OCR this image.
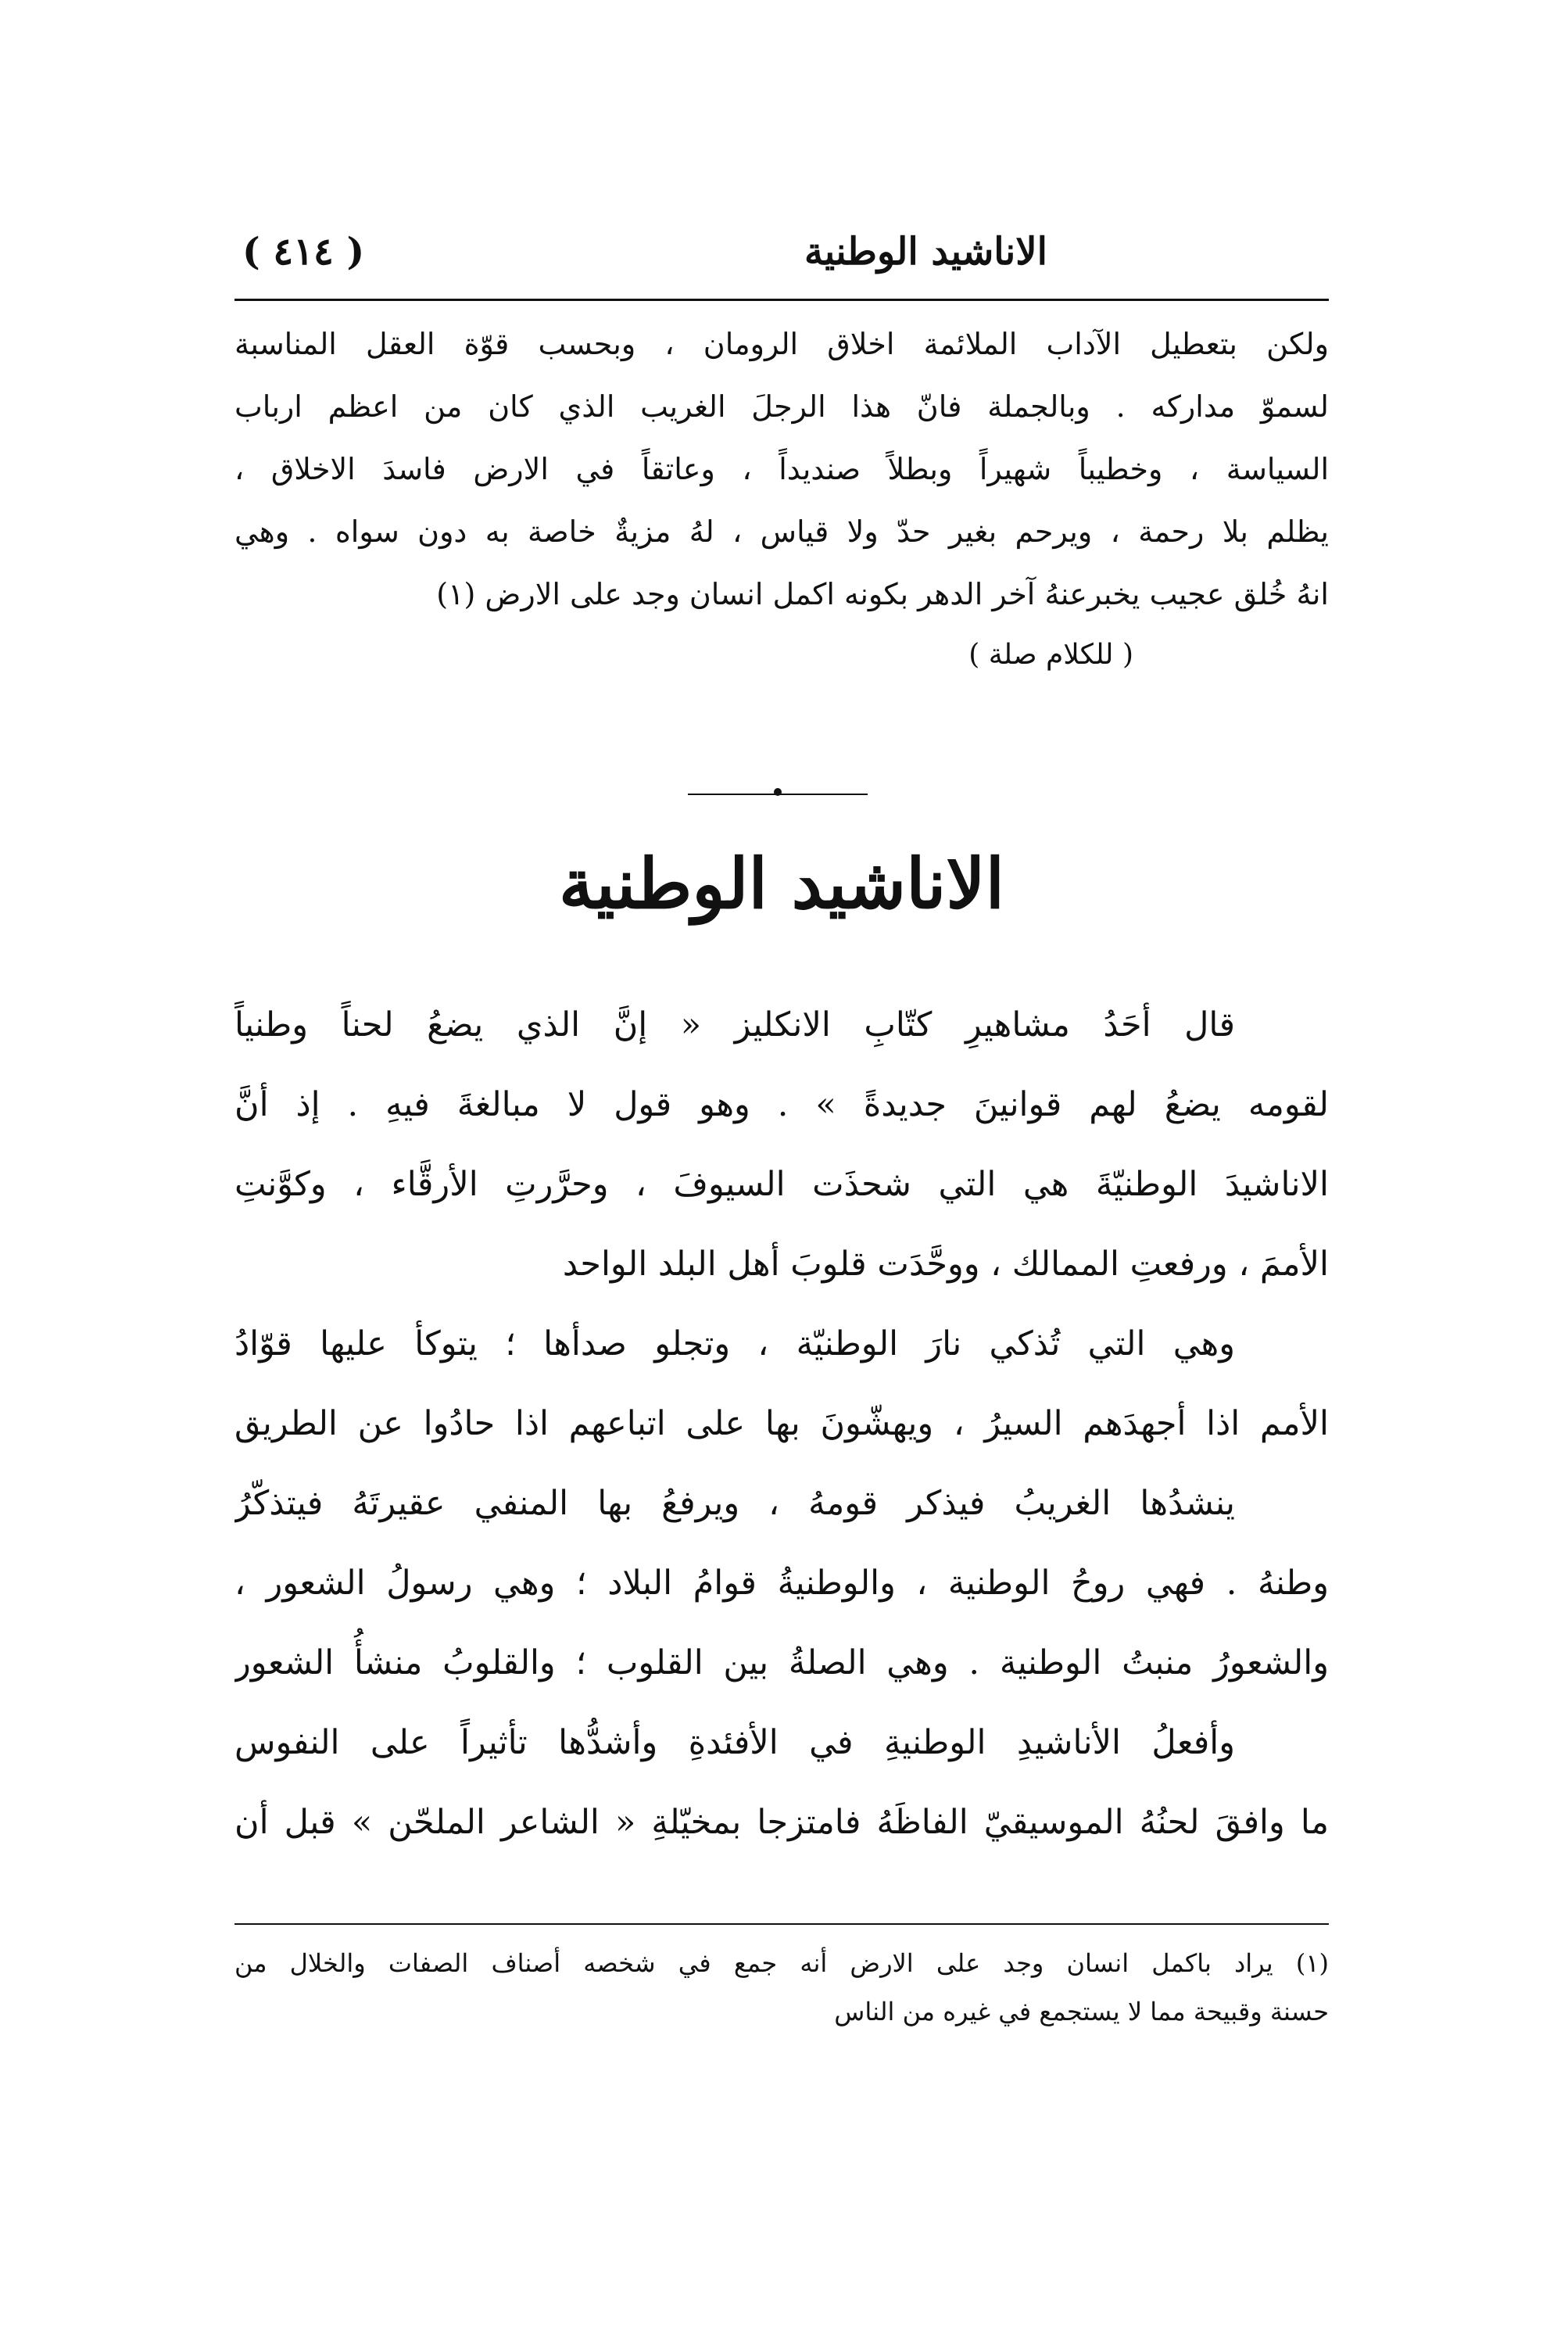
الاناشيد الوطنية
( ٤١٤ )
ولكن بتعطيل الآداب الملائمة اخلاق الرومان ، وبحسب قوّة العقل المناسبة
لسموّ مداركه . وبالجملة فانّ هذا الرجلَ الغريب الذي كان من اعظم ارباب
السياسة ، وخطيباً شهيراً وبطلاً صنديداً ، وعاتقاً في الارض فاسدَ الاخلاق ،
يظلم بلا رحمة ، ويرحم بغير حدّ ولا قياس ، لهُ مزيةٌ خاصة به دون سواه . وهي
انهُ خُلق عجيب يخبرعنهُ آخر الدهر بكونه اكمل انسان وجد على الارض (١)
( للكلام صلة )
الاناشيد الوطنية
قال أحَدُ مشاهيرِ كتّابِ الانكليز « إنَّ الذي يضعُ لحناً وطنياً
لقومه يضعُ لهم قوانينَ جديدةً » . وهو قول لا مبالغةَ فيهِ . إذ أنَّ
الاناشيدَ الوطنيّةَ هي التي شحذَت السيوفَ ، وحرَّرتِ الأرقَّاء ، وكوَّنتِ
الأممَ ، ورفعتِ الممالك ، ووحَّدَت قلوبَ أهل البلد الواحد
وهي التي تُذكي نارَ الوطنيّة ، وتجلو صدأها ؛ يتوكأ عليها قوّادُ
الأمم اذا أجهدَهم السيرُ ، ويهشّونَ بها على اتباعهم اذا حادُوا عن الطريق
ينشدُها الغريبُ فيذكر قومهُ ، ويرفعُ بها المنفي عقيرتَهُ فيتذكّرُ
وطنهُ . فهي روحُ الوطنية ، والوطنيةُ قوامُ البلاد ؛ وهي رسولُ الشعور ،
والشعورُ منبتُ الوطنية . وهي الصلةُ بين القلوب ؛ والقلوبُ منشأُ الشعور
وأفعلُ الأناشيدِ الوطنيةِ في الأفئدةِ وأشدُّها تأثيراً على النفوس
ما وافقَ لحنُهُ الموسيقيّ الفاظَهُ فامتزجا بمخيّلةِ « الشاعر الملحّن » قبل أن
(١) يراد باكمل انسان وجد على الارض أنه جمع في شخصه أصناف الصفات والخلال من
حسنة وقبيحة مما لا يستجمع في غيره من الناس
